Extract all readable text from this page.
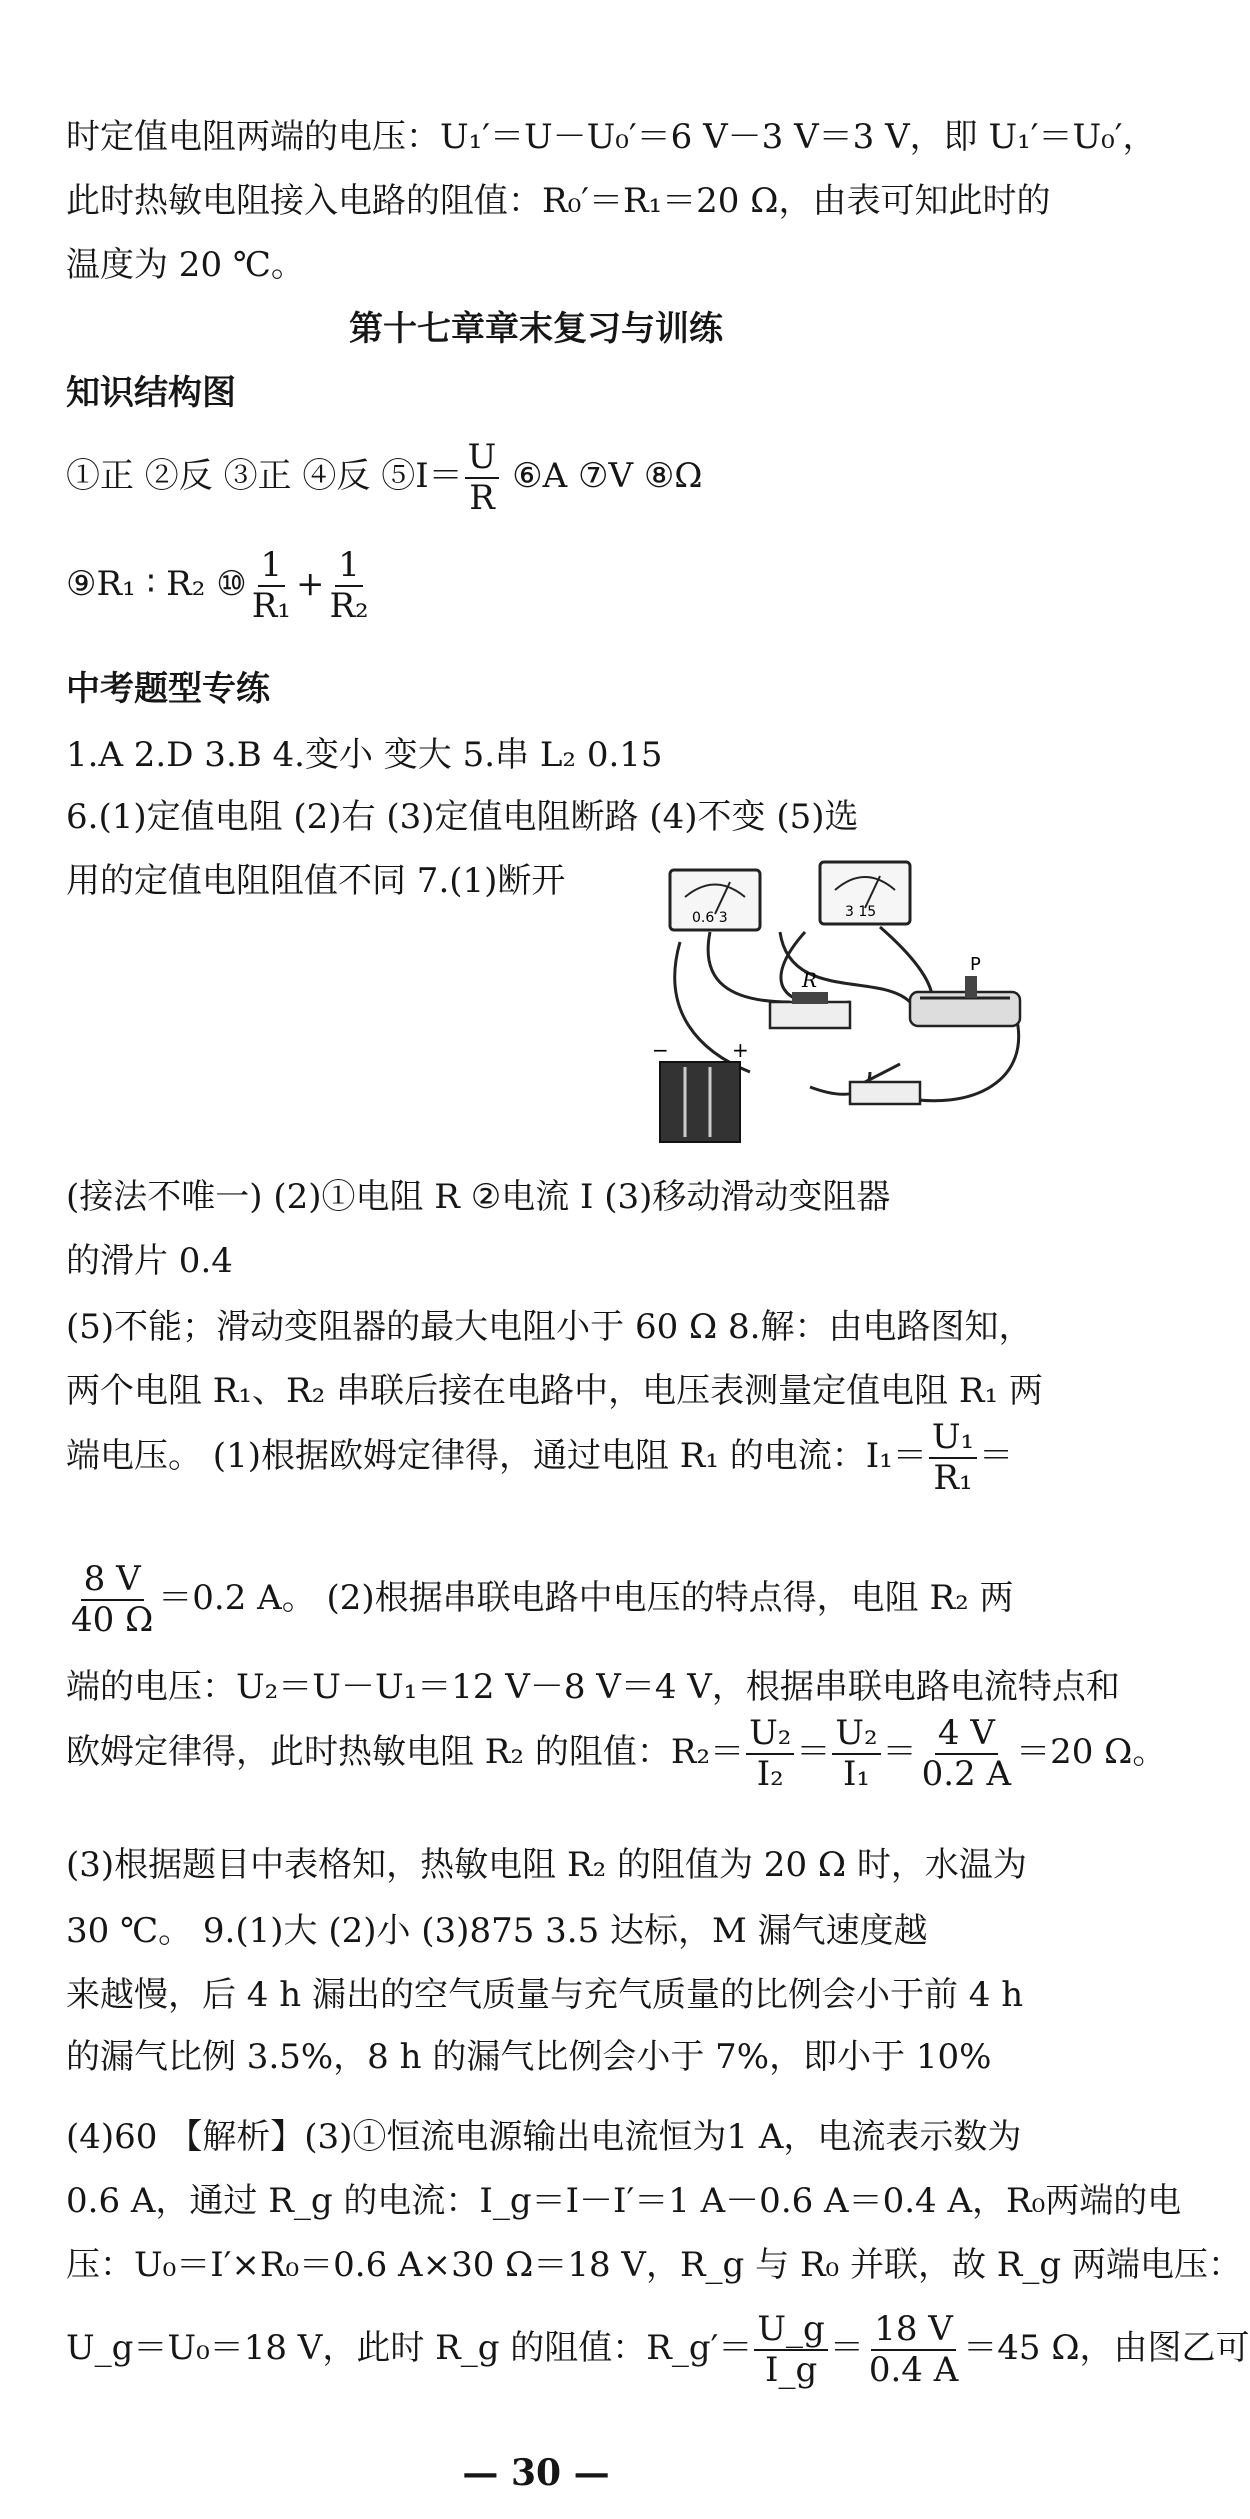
时定值电阻两端的电压：U₁′＝U－U₀′＝6 V－3 V＝3 V，即 U₁′＝U₀′，
此时热敏电阻接入电路的阻值：R₀′＝R₁＝20 Ω，由表可知此时的
温度为 20 ℃。
第十七章章末复习与训练
知识结构图
①正 ②反 ③正 ④反 ⑤I＝ $\frac{U}{R}$ ⑥A ⑦V ⑧Ω
⑨R₁ ∶ R₂ ⑩ $\frac{1}{\text{R₁}} + \frac{1}{\text{R₂}}$
中考题型专练
1.A 2.D 3.B 4.变小 变大 5.串 L₂ 0.15
6.(1)定值电阻 (2)右 (3)定值电阻断路 (4)不变 (5)选
用的定值电阻阻值不同 7.(1)断开
0.6 3	3 15
R
P
−	+
(接法不唯一) (2)①电阻 R ②电流 I (3)移动滑动变阻器
的滑片 0.4
(5)不能；滑动变阻器的最大电阻小于 60 Ω 8.解：由电路图知，
两个电阻 R₁、R₂ 串联后接在电路中，电压表测量定值电阻 R₁ 两
端电压。 (1)根据欧姆定律得，通过电阻 R₁ 的电流：$I_1= \frac{\text{U₁}}{\text{R₁}}$ ＝
$\frac{8 V}{40 \Omega} =0.2$ A。 (2)根据串联电路中电压的特点得，电阻 R₂ 两
端的电压：U₂＝U－U₁＝12 V－8 V＝4 V，根据串联电路电流特点和
欧姆定律得，此时热敏电阻 R₂ 的阻值：$R_2= \frac{\text{U₂}}{\text{I₂}} = \frac{\text{U₂}}{\text{I₁}} = \frac{4 V}{0.2 A} =20$ Ω。
(3)根据题目中表格知，热敏电阻 R₂ 的阻值为 20 Ω 时，水温为
30 ℃。 9.(1)大 (2)小 (3)875 3.5 达标，M 漏气速度越
来越慢，后 4 h 漏出的空气质量与充气质量的比例会小于前 4 h
的漏气比例 3.5%，8 h 的漏气比例会小于 7%，即小于 10%
(4)60 【解析】(3)①恒流电源输出电流恒为1 A，电流表示数为
0.6 A，通过 R_g 的电流：I_g＝I－I′＝1 A－0.6 A＝0.4 A，R₀两端的电
压：U₀＝I′×R₀＝0.6 A×30 Ω＝18 V，R_g 与 R₀ 并联，故 R_g 两端电压：
U_g＝U₀＝18 V，此时 R_g 的阻值：R_g′＝ $\frac{U\_g}{I\_g} = \frac{18 V}{0.4 A} =45$ Ω，由图乙可
— 30 —
